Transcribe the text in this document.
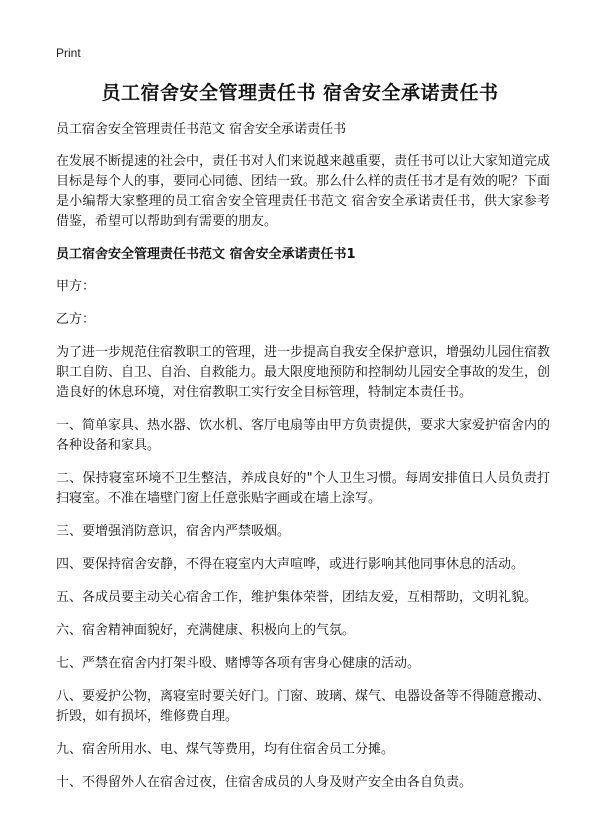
Print
员工宿舍安全管理责任书 宿舍安全承诺责任书

员工宿舍安全管理责任书范文 宿舍安全承诺责任书

在发展不断提速的社会中，责任书对人们来说越来越重要，责任书可以让大家知道完成目标是每个人的事，要同心同德、团结一致。那么什么样的责任书才是有效的呢？下面是小编帮大家整理的员工宿舍安全管理责任书范文 宿舍安全承诺责任书，供大家参考借鉴，希望可以帮助到有需要的朋友。

员工宿舍安全管理责任书范文 宿舍安全承诺责任书1

甲方：

乙方：

为了进一步规范住宿教职工的管理，进一步提高自我安全保护意识，增强幼儿园住宿教职工自防、自卫、自治、自救能力。最大限度地预防和控制幼儿园安全事故的发生，创造良好的休息环境，对住宿教职工实行安全目标管理，特制定本责任书。

一、简单家具、热水器、饮水机、客厅电扇等由甲方负责提供，要求大家爱护宿舍内的各种设备和家具。

二、保持寝室环境不卫生整洁，养成良好的"个人卫生习惯。每周安排值日人员负责打扫寝室。不准在墙壁门窗上任意张贴字画或在墙上涂写。

三、要增强消防意识，宿舍内严禁吸烟。

四、要保持宿舍安静，不得在寝室内大声喧哗，或进行影响其他同事休息的活动。

五、各成员要主动关心宿舍工作，维护集体荣誉，团结友爱，互相帮助，文明礼貌。

六、宿舍精神面貌好，充满健康、积极向上的气氛。

七、严禁在宿舍内打架斗殴、赌博等各项有害身心健康的活动。

八、要爱护公物，离寝室时要关好门。门窗、玻璃、煤气、电器设备等不得随意搬动、折毁，如有损坏，维修费自理。

九、宿舍所用水、电、煤气等费用，均有住宿舍员工分摊。

十、不得留外人在宿舍过夜，住宿舍成员的人身及财产安全由各自负责。
